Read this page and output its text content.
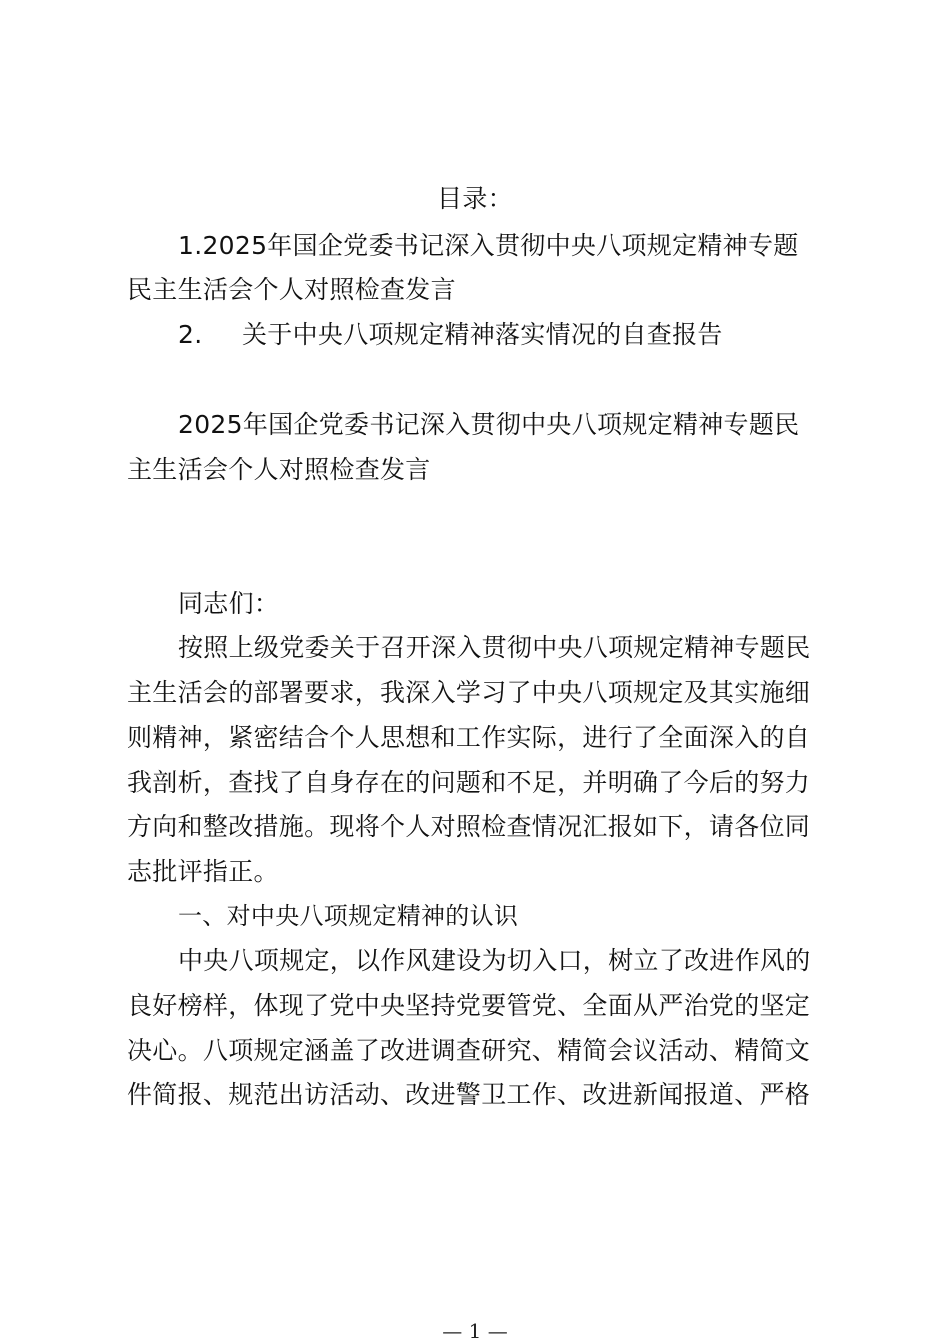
目录：
1.2025年国企党委书记深入贯彻中央八项规定精神专题
民主生活会个人对照检查发言
2. 关于中央八项规定精神落实情况的自查报告
2025年国企党委书记深入贯彻中央八项规定精神专题民
主生活会个人对照检查发言
同志们：
按照上级党委关于召开深入贯彻中央八项规定精神专题民
主生活会的部署要求，我深入学习了中央八项规定及其实施细
则精神，紧密结合个人思想和工作实际，进行了全面深入的自
我剖析，查找了自身存在的问题和不足，并明确了今后的努力
方向和整改措施。现将个人对照检查情况汇报如下，请各位同
志批评指正。
一、对中央八项规定精神的认识
中央八项规定，以作风建设为切入口，树立了改进作风的
良好榜样，体现了党中央坚持党要管党、全面从严治党的坚定
决心。八项规定涵盖了改进调查研究、精简会议活动、精简文
件简报、规范出访活动、改进警卫工作、改进新闻报道、严格
— 1 —
